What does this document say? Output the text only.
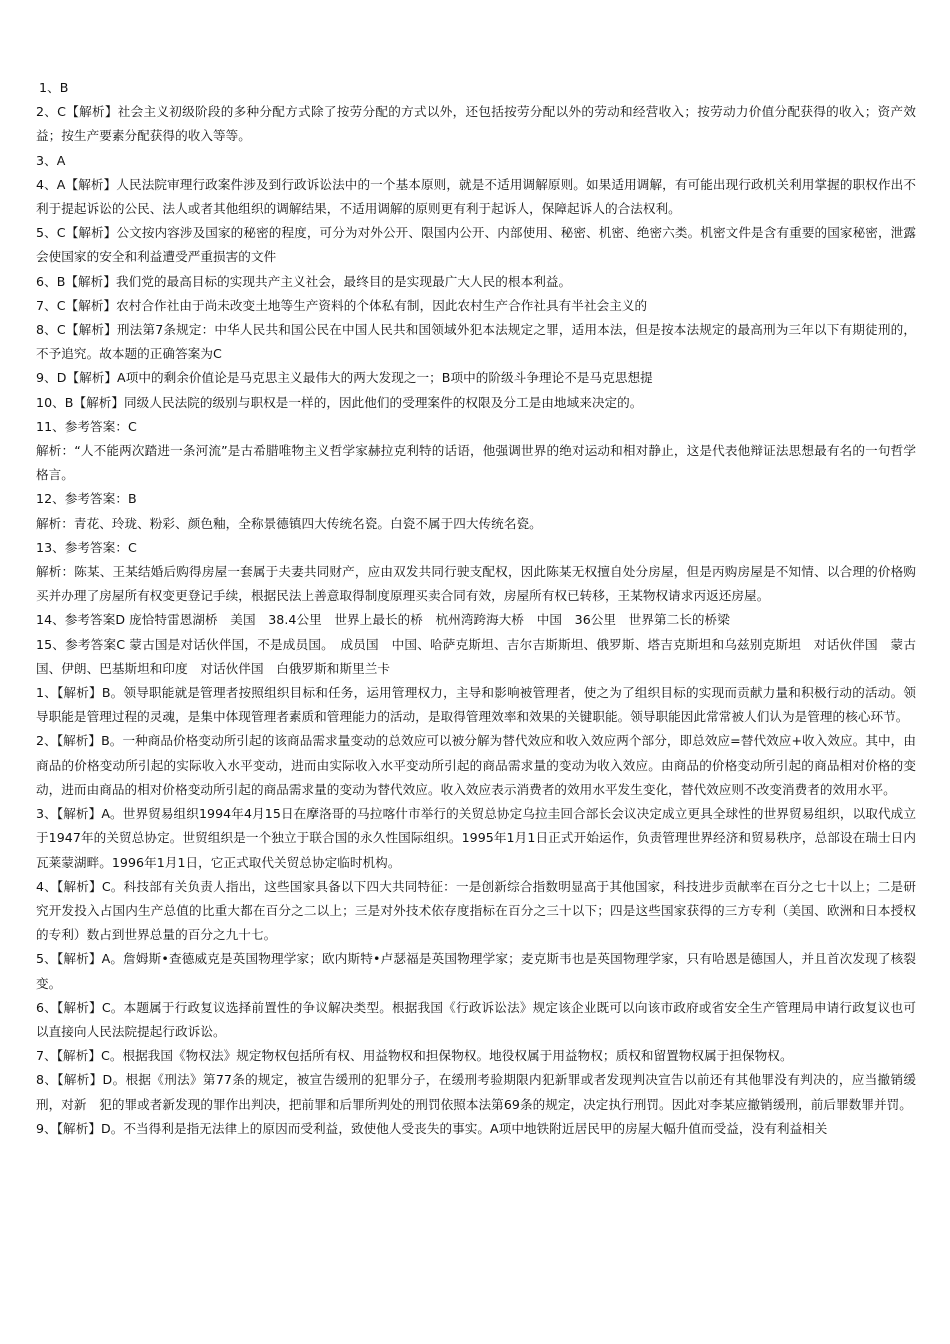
1、B

2、C【解析】社会主义初级阶段的多种分配方式除了按劳分配的方式以外，还包括按劳分配以外的劳动和经营收入；按劳动力价值分配获得的收入；资产效益；按生产要素分配获得的收入等等。

3、A

4、A【解析】人民法院审理行政案件涉及到行政诉讼法中的一个基本原则，就是不适用调解原则。如果适用调解，有可能出现行政机关利用掌握的职权作出不利于提起诉讼的公民、法人或者其他组织的调解结果，不适用调解的原则更有利于起诉人，保障起诉人的合法权利。

5、C【解析】公文按内容涉及国家的秘密的程度，可分为对外公开、限国内公开、内部使用、秘密、机密、绝密六类。机密文件是含有重要的国家秘密，泄露会使国家的安全和利益遭受严重损害的文件

6、B【解析】我们党的最高目标的实现共产主义社会，最终目的是实现最广大人民的根本利益。

7、C【解析】农村合作社由于尚未改变土地等生产资料的个体私有制，因此农村生产合作社具有半社会主义的

8、C【解析】刑法第7条规定：中华人民共和国公民在中国人民共和国领域外犯本法规定之罪，适用本法，但是按本法规定的最高刑为三年以下有期徒刑的，不予追究。故本题的正确答案为C

9、D【解析】A项中的剩余价值论是马克思主义最伟大的两大发现之一；B项中的阶级斗争理论不是马克思想提

10、B【解析】同级人民法院的级别与职权是一样的，因此他们的受理案件的权限及分工是由地域来决定的。

11、参考答案：C

解析：“人不能两次踏进一条河流”是古希腊唯物主义哲学家赫拉克利特的话语，他强调世界的绝对运动和相对静止，这是代表他辩证法思想最有名的一句哲学格言。

12、参考答案：B

解析：青花、玲珑、粉彩、颜色釉，全称景德镇四大传统名瓷。白瓷不属于四大传统名瓷。

13、参考答案：C

解析：陈某、王某结婚后购得房屋一套属于夫妻共同财产，应由双发共同行驶支配权，因此陈某无权擅自处分房屋，但是丙购房屋是不知情、以合理的价格购买并办理了房屋所有权变更登记手续，根据民法上善意取得制度原理买卖合同有效，房屋所有权已转移，王某物权请求丙返还房屋。

14、参考答案D 庞恰特雷恩湖桥　美国　38.4公里　世界上最长的桥　杭州湾跨海大桥　中国　36公里　世界第二长的桥梁

15、参考答案C 蒙古国是对话伙伴国，不是成员国。　成员国　中国、哈萨克斯坦、吉尔吉斯斯坦、俄罗斯、塔吉克斯坦和乌兹别克斯坦　对话伙伴国　蒙古国、伊朗、巴基斯坦和印度　对话伙伴国　白俄罗斯和斯里兰卡

1、【解析】B。领导职能就是管理者按照组织目标和任务，运用管理权力，主导和影响被管理者，使之为了组织目标的实现而贡献力量和积极行动的活动。领导职能是管理过程的灵魂，是集中体现管理者素质和管理能力的活动，是取得管理效率和效果的关键职能。领导职能因此常常被人们认为是管理的核心环节。

2、【解析】B。一种商品价格变动所引起的该商品需求量变动的总效应可以被分解为替代效应和收入效应两个部分，即总效应=替代效应+收入效应。其中，由商品的价格变动所引起的实际收入水平变动，进而由实际收入水平变动所引起的商品需求量的变动为收入效应。由商品的价格变动所引起的商品相对价格的变动，进而由商品的相对价格变动所引起的商品需求量的变动为替代效应。收入效应表示消费者的效用水平发生变化，替代效应则不改变消费者的效用水平。

3、【解析】A。世界贸易组织1994年4月15日在摩洛哥的马拉喀什市举行的关贸总协定乌拉圭回合部长会议决定成立更具全球性的世界贸易组织，以取代成立于1947年的关贸总协定。世贸组织是一个独立于联合国的永久性国际组织。1995年1月1日正式开始运作，负责管理世界经济和贸易秩序，总部设在瑞士日内瓦莱蒙湖畔。1996年1月1日，它正式取代关贸总协定临时机构。

4、【解析】C。科技部有关负责人指出，这些国家具备以下四大共同特征：一是创新综合指数明显高于其他国家，科技进步贡献率在百分之七十以上；二是研究开发投入占国内生产总值的比重大都在百分之二以上；三是对外技术依存度指标在百分之三十以下；四是这些国家获得的三方专利（美国、欧洲和日本授权的专利）数占到世界总量的百分之九十七。

5、【解析】A。詹姆斯•查德威克是英国物理学家；欧内斯特•卢瑟福是英国物理学家；麦克斯韦也是英国物理学家，只有哈恩是德国人，并且首次发现了核裂变。

6、【解析】C。本题属于行政复议选择前置性的争议解决类型。根据我国《行政诉讼法》规定该企业既可以向该市政府或省安全生产管理局申请行政复议也可以直接向人民法院提起行政诉讼。

7、【解析】C。根据我国《物权法》规定物权包括所有权、用益物权和担保物权。地役权属于用益物权；质权和留置物权属于担保物权。

8、【解析】D。根据《刑法》第77条的规定，被宣告缓刑的犯罪分子，在缓刑考验期限内犯新罪或者发现判决宣告以前还有其他罪没有判决的，应当撤销缓刑，对新　犯的罪或者新发现的罪作出判决，把前罪和后罪所判处的刑罚依照本法第69条的规定，决定执行刑罚。因此对李某应撤销缓刑，前后罪数罪并罚。

9、【解析】D。不当得利是指无法律上的原因而受利益，致使他人受丧失的事实。A项中地铁附近居民甲的房屋大幅升值而受益，没有利益相关
